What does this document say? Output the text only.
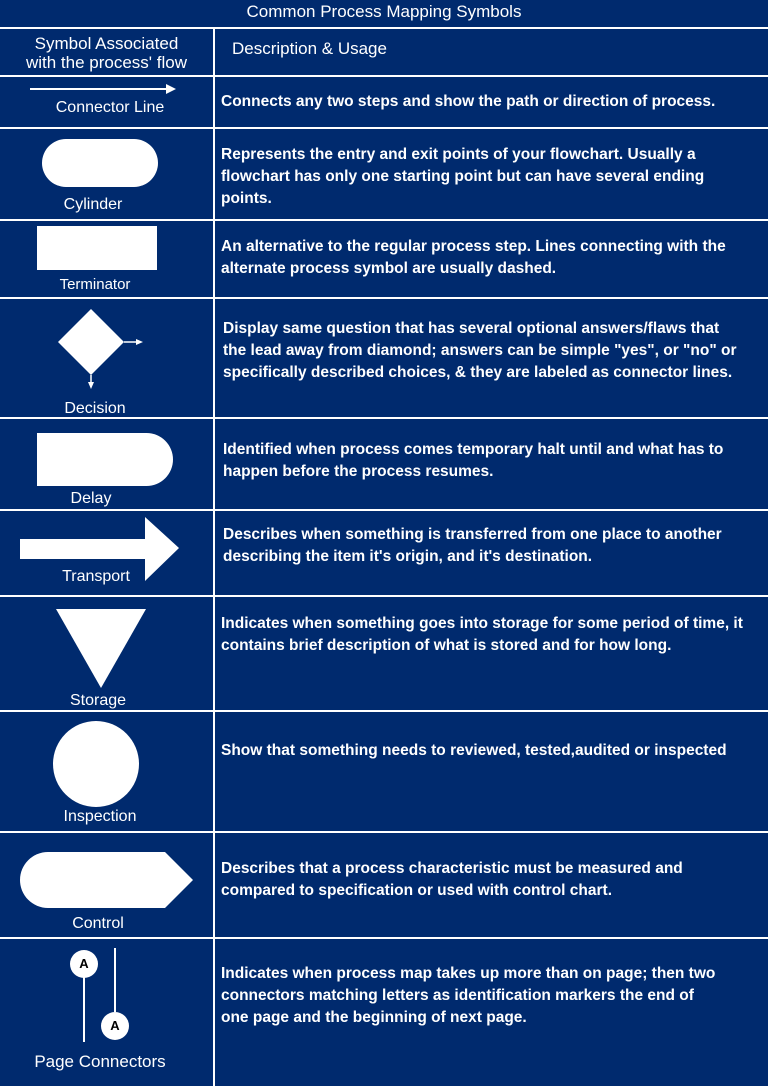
Common Process Mapping Symbols
Symbol Associated
with the process' flow
Description & Usage
Connector Line	Connects any two steps and show the path or direction of process.
Cylinder
Represents the entry and exit points of your flowchart. Usually a flowchart has only one starting point but can have several ending points.
Terminator
An alternative to the regular process step. Lines connecting with the alternate process symbol are usually dashed.
Decision
Display same question that has several optional answers/flaws that the lead away from diamond; answers can be simple "yes", or "no" or specifically described choices, & they are labeled as connector lines.
Delay
Identified when process comes temporary halt until and what has to happen before the process resumes.
Transport
Describes when something is transferred from one place to another describing the item it's origin, and it's destination.
Storage
Indicates when something goes into storage for some period of time, it contains brief description of what is stored and for how long.
Inspection
Show that something needs to reviewed, tested,audited or inspected
Control
Describes that a process characteristic must be measured and compared to specification or used with control chart.
A
A
Page Connectors
Indicates when process map takes up more than on page; then two connectors matching letters as identification markers the end of one page and the beginning of next page.
